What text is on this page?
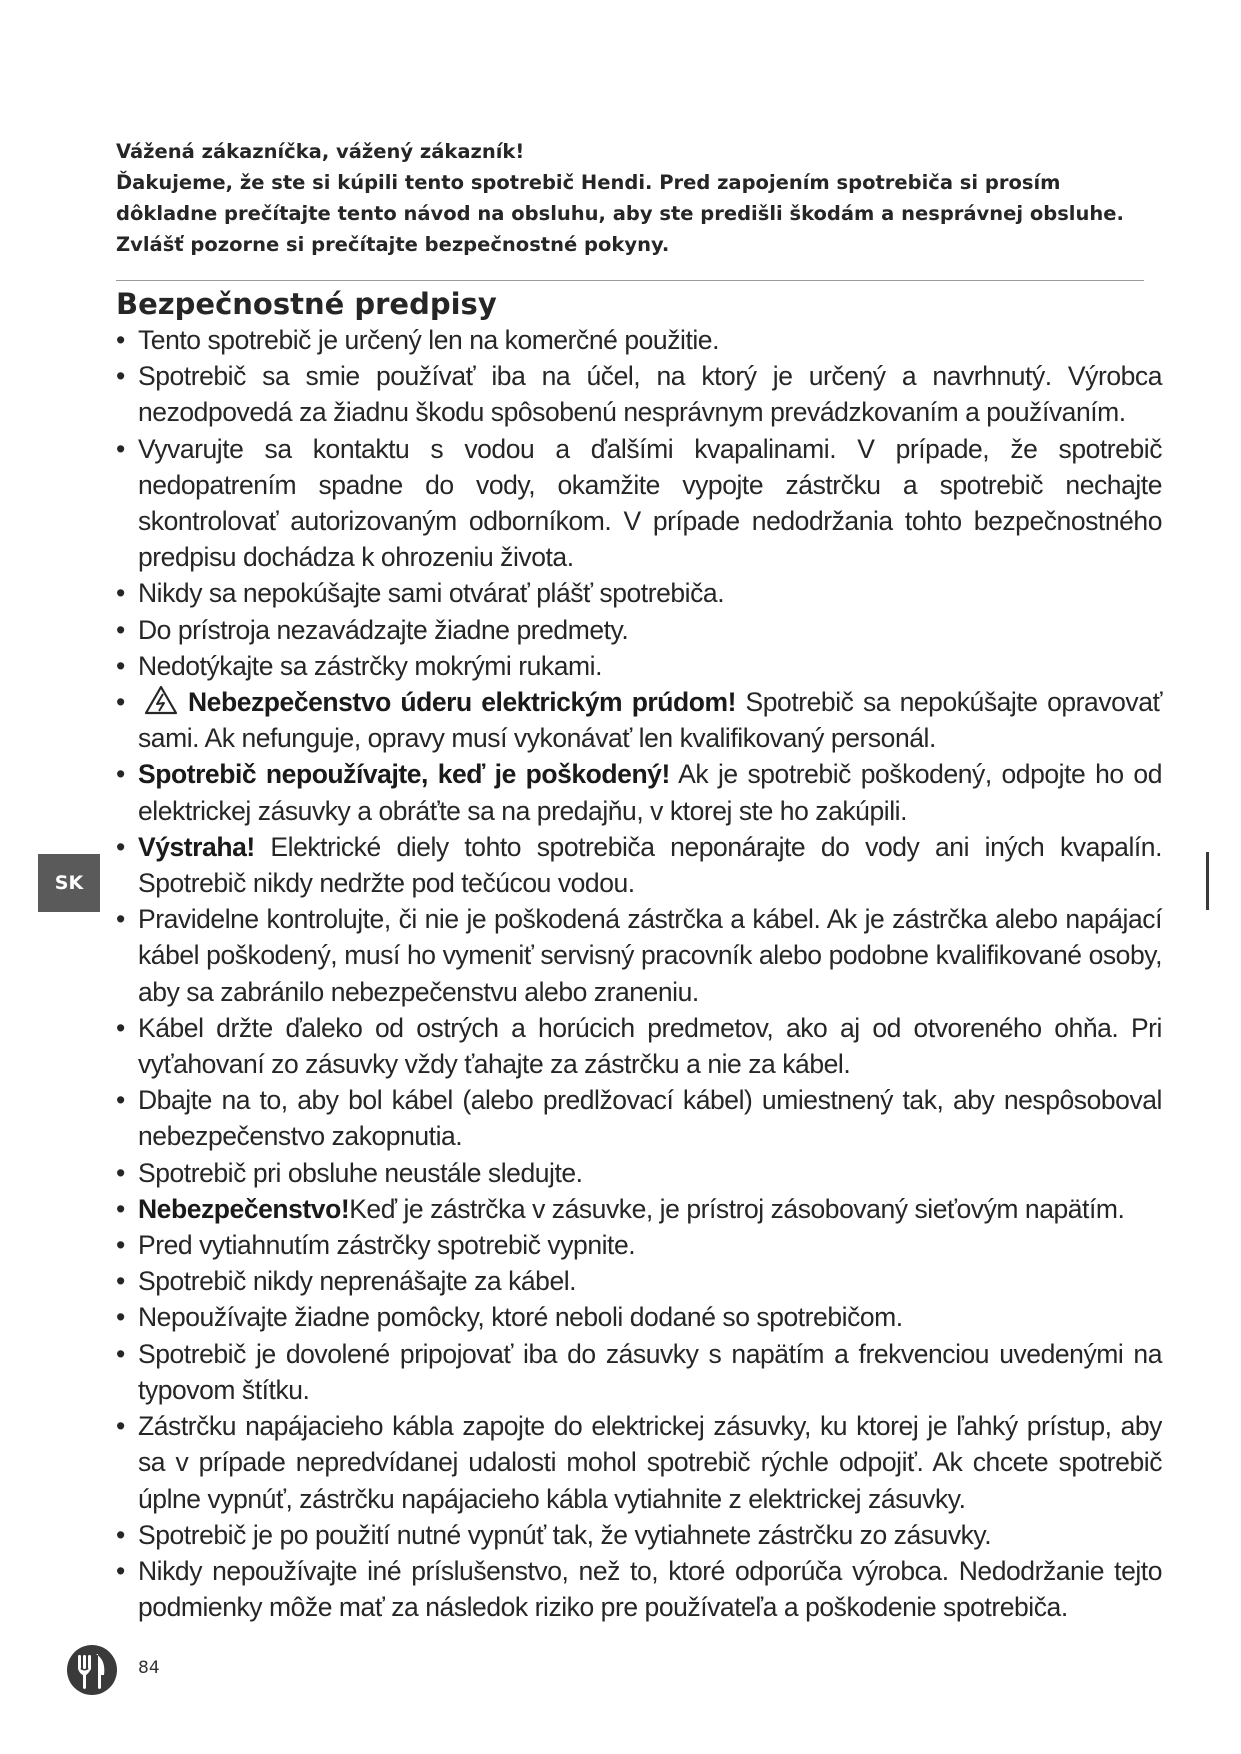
Vážená zákazníčka, vážený zákazník!

Ďakujeme, že ste si kúpili tento spotrebič Hendi. Pred zapojením spotrebiča si prosím dôkladne prečítajte tento návod na obsluhu, aby ste predišli škodám a nesprávnej obsluhe. Zvlášť pozorne si prečítajte bezpečnostné pokyny.

Bezpečnostné predpisy
• Tento spotrebič je určený len na komerčné použitie.
• Spotrebič sa smie používať iba na účel, na ktorý je určený a navrhnutý. Výrobca nezodpovedá za žiadnu škodu spôsobenú nesprávnym prevádzkovaním a používaním.
• Vyvarujte sa kontaktu s vodou a ďalšími kvapalinami. V prípade, že spotrebič nedopatrením spadne do vody, okamžite vypojte zástrčku a spotrebič nechajte skontrolovať autorizovaným odborníkom. V prípade nedodržania tohto bezpečnostného predpisu dochádza k ohrozeniu života.
• Nikdy sa nepokúšajte sami otvárať plášť spotrebiča.
• Do prístroja nezavádzajte žiadne predmety.
• Nedotýkajte sa zástrčky mokrými rukami.
• Nebezpečenstvo úderu elektrickým prúdom! Spotrebič sa nepokúšajte opravovať sami. Ak nefunguje, opravy musí vykonávať len kvalifikovaný personál.
• Spotrebič nepoužívajte, keď je poškodený! Ak je spotrebič poškodený, odpojte ho od elektrickej zásuvky a obráťte sa na predajňu, v ktorej ste ho zakúpili.
• Výstraha! Elektrické diely tohto spotrebiča neponárajte do vody ani iných kvapalín. Spotrebič nikdy nedržte pod tečúcou vodou.
• Pravidelne kontrolujte, či nie je poškodená zástrčka a kábel. Ak je zástrčka alebo napájací kábel poškodený, musí ho vymeniť servisný pracovník alebo podobne kvalifikované osoby, aby sa zabránilo nebezpečenstvu alebo zraneniu.
• Kábel držte ďaleko od ostrých a horúcich predmetov, ako aj od otvoreného ohňa. Pri vyťahovaní zo zásuvky vždy ťahajte za zástrčku a nie za kábel.
• Dbajte na to, aby bol kábel (alebo predlžovací kábel) umiestnený tak, aby nespôsoboval nebezpečenstvo zakopnutia.
• Spotrebič pri obsluhe neustále sledujte.
• Nebezpečenstvo!Keď je zástrčka v zásuvke, je prístroj zásobovaný sieťovým napätím.
• Pred vytiahnutím zástrčky spotrebič vypnite.
• Spotrebič nikdy neprenášajte za kábel.
• Nepoužívajte žiadne pomôcky, ktoré neboli dodané so spotrebičom.
• Spotrebič je dovolené pripojovať iba do zásuvky s napätím a frekvenciou uvedenými na typovom štítku.
• Zástrčku napájacieho kábla zapojte do elektrickej zásuvky, ku ktorej je ľahký prístup, aby sa v prípade nepredvídanej udalosti mohol spotrebič rýchle odpojiť. Ak chcete spotrebič úplne vypnúť, zástrčku napájacieho kábla vytiahnite z elektrickej zásuvky.
• Spotrebič je po použití nutné vypnúť tak, že vytiahnete zástrčku zo zásuvky.
• Nikdy nepoužívajte iné príslušenstvo, než to, ktoré odporúča výrobca. Nedodržanie tejto podmienky môže mať za následok riziko pre používateľa a poškodenie spotrebiča.
SK
84
